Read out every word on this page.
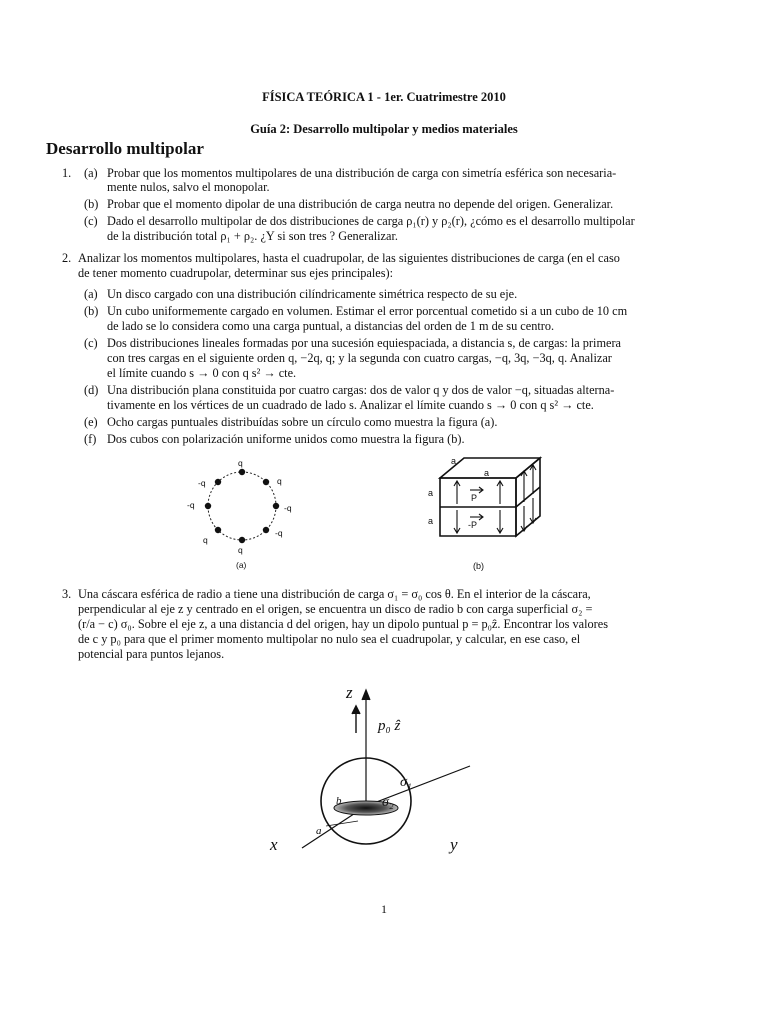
FÍSICA TEÓRICA 1 - 1er. Cuatrimestre 2010
Guía 2: Desarrollo multipolar y medios materiales
Desarrollo multipolar
1. (a) Probar que los momentos multipolares de una distribución de carga con simetría esférica son necesaria-
mente nulos, salvo el monopolar.
(b) Probar que el momento dipolar de una distribución de carga neutra no depende del origen. Generalizar.
(c) Dado el desarrollo multipolar de dos distribuciones de carga ρ₁(r) y ρ₂(r), ¿cómo es el desarrollo multipolar
de la distribución total ρ₁ + ρ₂. ¿Y si son tres ? Generalizar.
2. Analizar los momentos multipolares, hasta el cuadrupolar, de las siguientes distribuciones de carga (en el caso
de tener momento cuadrupolar, determinar sus ejes principales):
(a) Un disco cargado con una distribución cilíndricamente simétrica respecto de su eje.
(b) Un cubo uniformemente cargado en volumen. Estimar el error porcentual cometido si a un cubo de 10 cm
de lado se lo considera como una carga puntual, a distancias del orden de 1 m de su centro.
(c) Dos distribuciones lineales formadas por una sucesión equiespaciada, a distancia s, de cargas: la primera
con tres cargas en el siguiente orden q, −2q, q; y la segunda con cuatro cargas, −q, 3q, −3q, q. Analizar
el límite cuando s → 0 con q s² → cte.
(d) Una distribución plana constituida por cuatro cargas: dos de valor q y dos de valor −q, situadas alterna-
tivamente en los vértices de un cuadrado de lado s. Analizar el límite cuando s → 0 con q s² → cte.
(e) Ocho cargas puntuales distribuídas sobre un círculo como muestra la figura (a).
(f) Dos cubos con polarización uniforme unidos como muestra la figura (b).
q
q
-q
-q
q
q
-q
-q
(a)
a
a
a
a
P
-P
(b)
3. Una cáscara esférica de radio a tiene una distribución de carga σ₁ = σ₀ cos θ. En el interior de la cáscara,
perpendicular al eje z y centrado en el origen, se encuentra un disco de radio b con carga superficial σ₂ =
(r/a − c) σ₀. Sobre el eje z, a una distancia d del origen, hay un dipolo puntual p = p₀ẑ. Encontrar los valores
de c y p₀ para que el primer momento multipolar no nulo sea el cuadrupolar, y calcular, en ese caso, el
potencial para puntos lejanos.
z
p₀ ẑ
σ₁
σ₂
b
a
x	y
1
